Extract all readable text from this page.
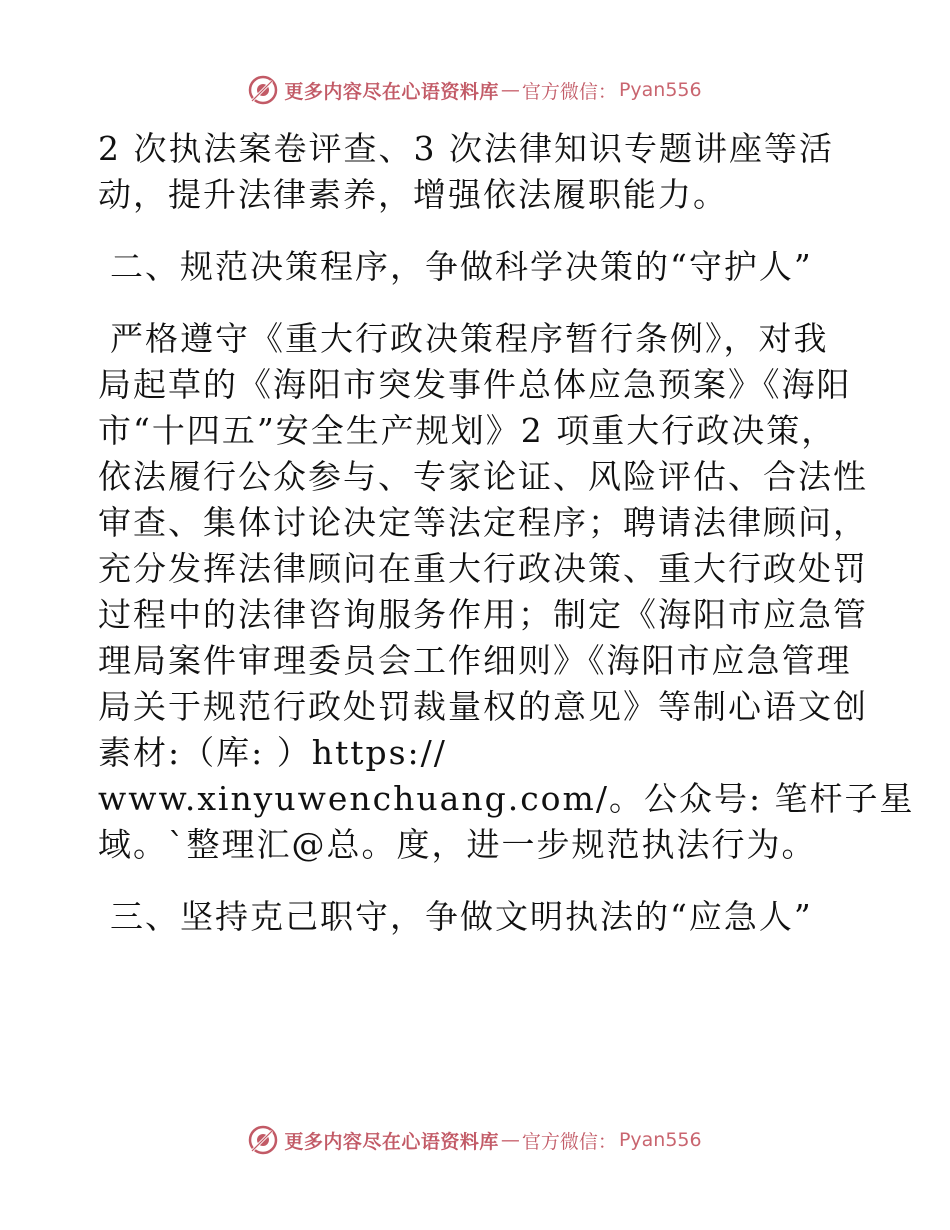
更多内容尽在心语资料库 — 官方微信： Pyan556
2 次执法案卷评查、3 次法律知识专题讲座等活
动，提升法律素养，增强依法履职能力。
二、规范决策程序，争做科学决策的“守护人”
严格遵守《重大行政决策程序暂行条例》，对我
局起草的《海阳市突发事件总体应急预案》《海阳
市“十四五”安全生产规划》2 项重大行政决策，
依法履行公众参与、专家论证、风险评估、合法性
审查、集体讨论决定等法定程序；聘请法律顾问，
充分发挥法律顾问在重大行政决策、重大行政处罚
过程中的法律咨询服务作用；制定《海阳市应急管
理局案件审理委员会工作细则》《海阳市应急管理
局关于规范行政处罚裁量权的意见》等制心语文创
素材:（库: ）https://
www.xinyuwenchuang.com/。公众号: 笔杆子星
域。`整理汇@总。度，进一步规范执法行为。
三、坚持克己职守，争做文明执法的“应急人”
更多内容尽在心语资料库 — 官方微信： Pyan556
